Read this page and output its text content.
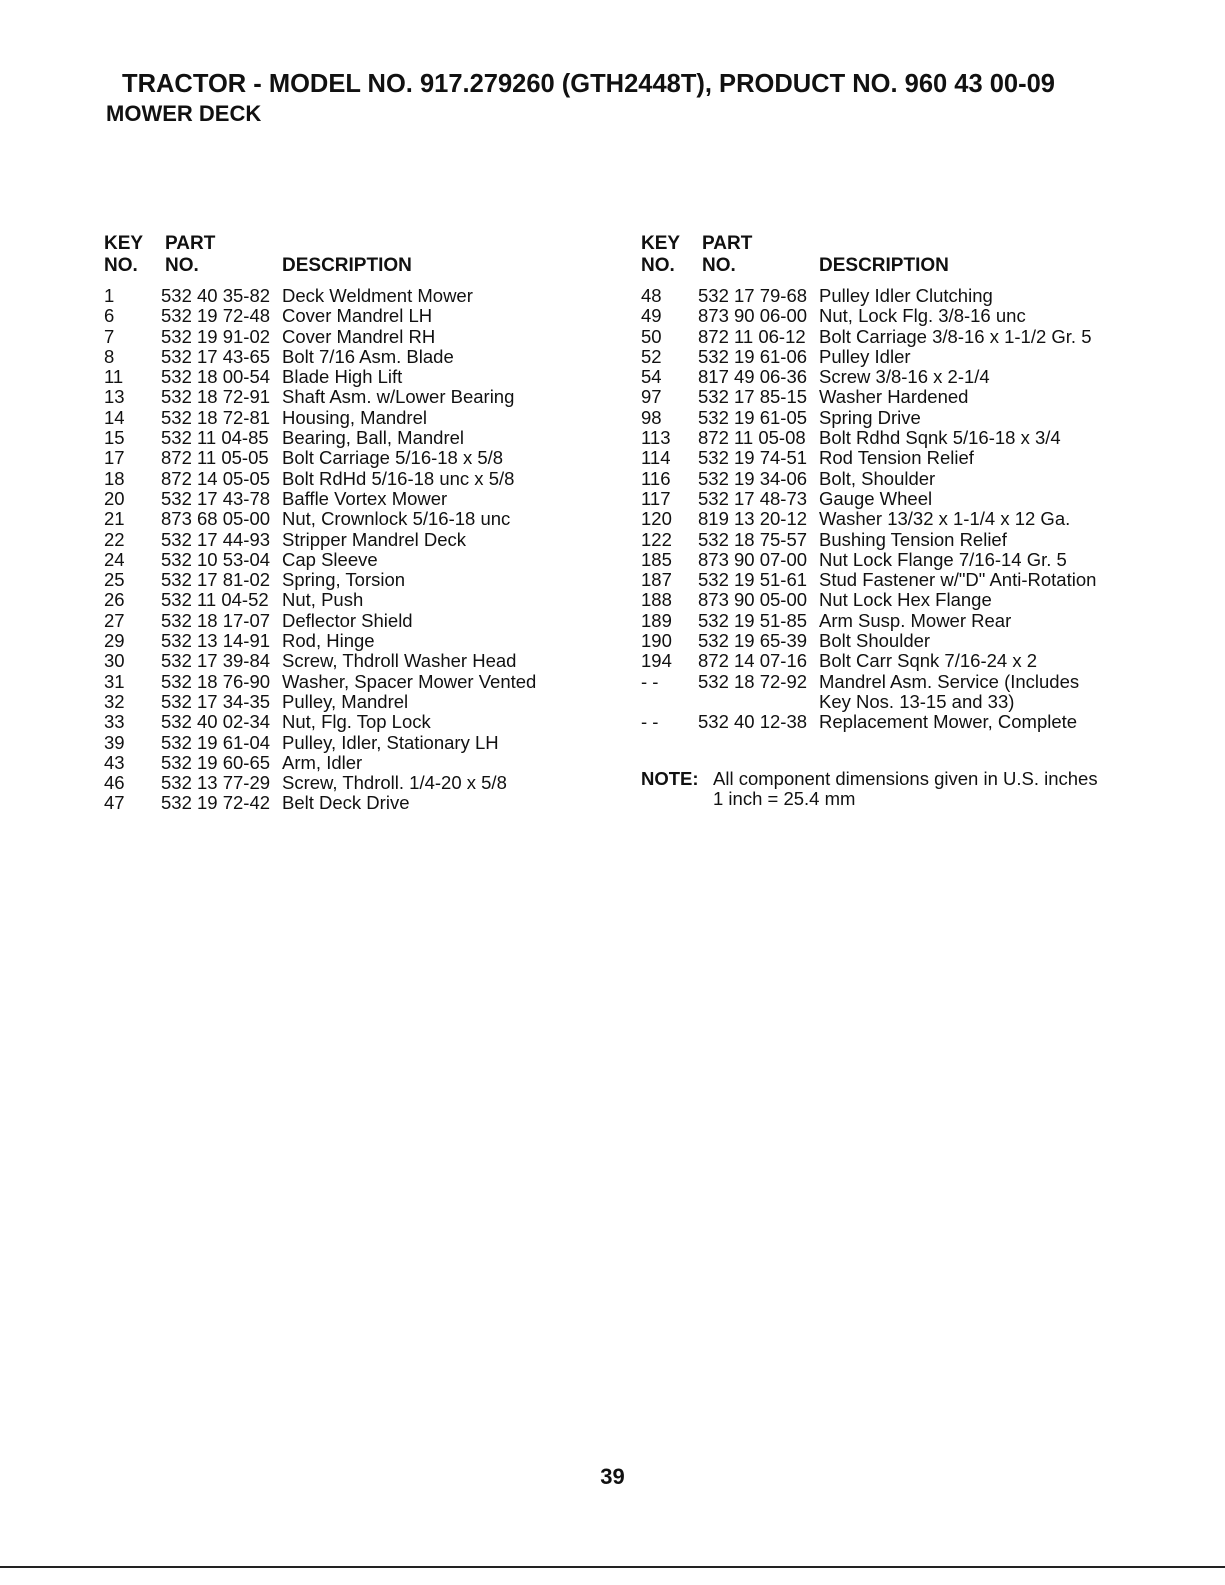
TRACTOR - MODEL NO. 917.279260 (GTH2448T), PRODUCT NO. 960 43 00-09
MOWER DECK
KEY PART
NO. NO.	DESCRIPTION
1	532 40 35-82 Deck Weldment Mower
6	532 19 72-48 Cover Mandrel LH
7	532 19 91-02 Cover Mandrel RH
8	532 17 43-65 Bolt 7/16 Asm. Blade
11 532 18 00-54 Blade High Lift
13 532 18 72-91 Shaft Asm. w/Lower Bearing
14 532 18 72-81 Housing, Mandrel
15 532 11 04-85 Bearing, Ball, Mandrel
17 872 11 05-05 Bolt Carriage 5/16-18 x 5/8
18 872 14 05-05 Bolt RdHd 5/16-18 unc x 5/8
20 532 17 43-78 Baffle Vortex Mower
21 873 68 05-00 Nut, Crownlock 5/16-18 unc
22 532 17 44-93 Stripper Mandrel Deck
24 532 10 53-04 Cap Sleeve
25 532 17 81-02 Spring, Torsion
26 532 11 04-52 Nut, Push
27 532 18 17-07 Deflector Shield
29 532 13 14-91 Rod, Hinge
30 532 17 39-84 Screw, Thdroll Washer Head
31 532 18 76-90 Washer, Spacer Mower Vented
32 532 17 34-35 Pulley, Mandrel
33 532 40 02-34 Nut, Flg. Top Lock
39 532 19 61-04 Pulley, Idler, Stationary LH
43 532 19 60-65 Arm, Idler
46 532 13 77-29 Screw, Thdroll. 1/4-20 x 5/8
47 532 19 72-42 Belt Deck Drive
KEY PART
NO. NO.	DESCRIPTION
48 532 17 79-68 Pulley Idler Clutching
49 873 90 06-00 Nut, Lock Flg. 3/8-16 unc
50 872 11 06-12 Bolt Carriage 3/8-16 x 1-1/2 Gr. 5
52 532 19 61-06 Pulley Idler
54 817 49 06-36 Screw 3/8-16 x 2-1/4
97 532 17 85-15 Washer Hardened
98 532 19 61-05 Spring Drive
113 872 11 05-08 Bolt Rdhd Sqnk 5/16-18 x 3/4
114 532 19 74-51 Rod Tension Relief
116 532 19 34-06 Bolt, Shoulder
117 532 17 48-73 Gauge Wheel
120 819 13 20-12 Washer 13/32 x 1-1/4 x 12 Ga.
122 532 18 75-57 Bushing Tension Relief
185 873 90 07-00 Nut Lock Flange 7/16-14 Gr. 5
187 532 19 51-61 Stud Fastener w/"D" Anti-Rotation
188 873 90 05-00 Nut Lock Hex Flange
189 532 19 51-85 Arm Susp. Mower Rear
190 532 19 65-39 Bolt Shoulder
194 872 14 07-16 Bolt Carr Sqnk 7/16-24 x 2
- - 532 18 72-92 Mandrel Asm. Service (Includes
Key Nos. 13-15 and 33)
- - 532 40 12-38 Replacement Mower, Complete
NOTE: All component dimensions given in U.S. inches
1 inch = 25.4 mm
39
